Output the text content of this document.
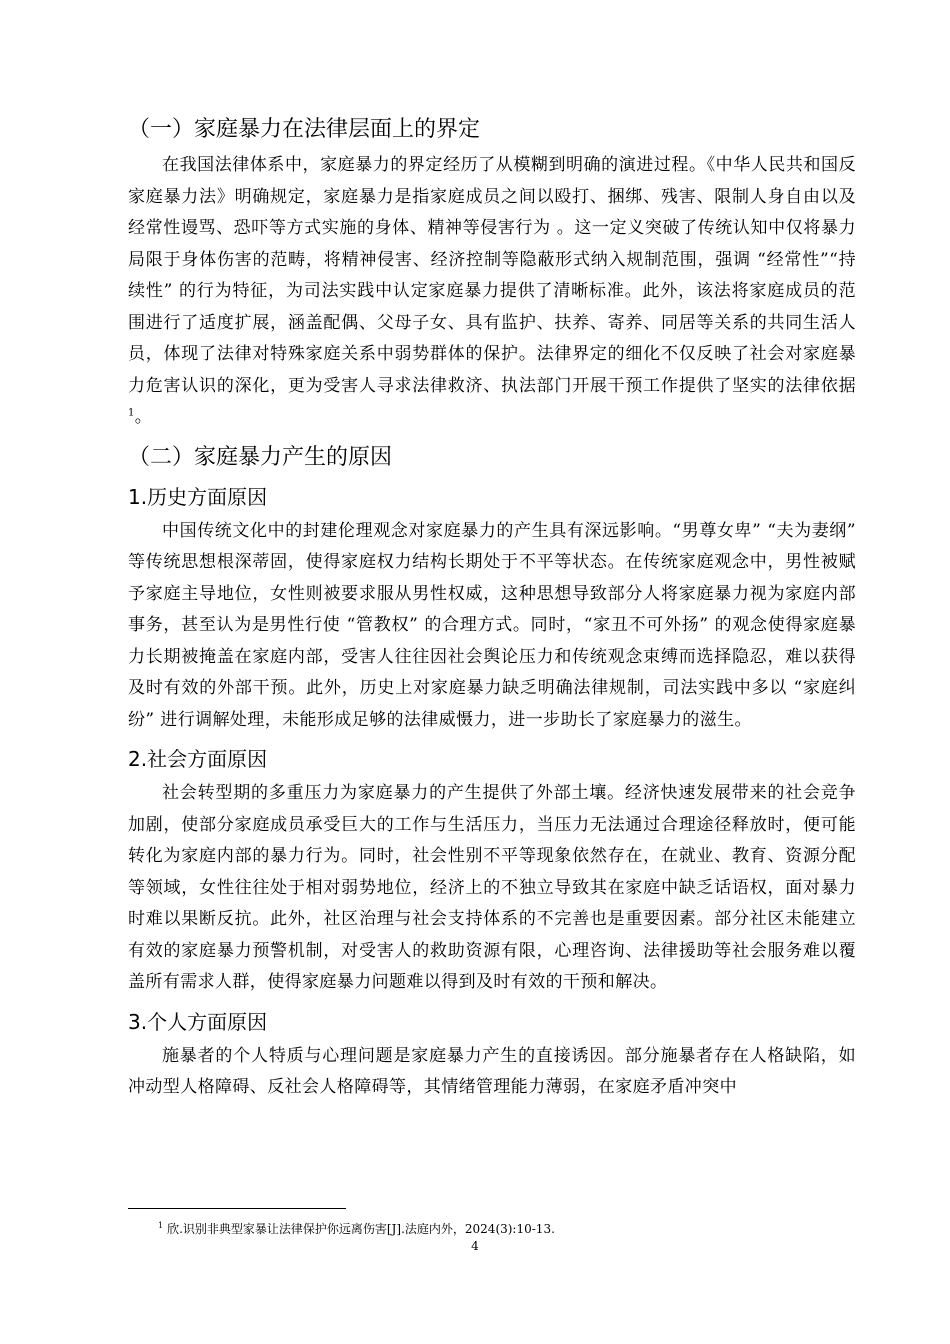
（一）家庭暴力在法律层面上的界定

在我国法律体系中，家庭暴力的界定经历了从模糊到明确的演进过程。《中华人民共和国反家庭暴力法》明确规定，家庭暴力是指家庭成员之间以殴打、捆绑、残害、限制人身自由以及经常性谩骂、恐吓等方式实施的身体、精神等侵害行为 。这一定义突破了传统认知中仅将暴力局限于身体伤害的范畴，将精神侵害、经济控制等隐蔽形式纳入规制范围，强调 “经常性”“持续性” 的行为特征，为司法实践中认定家庭暴力提供了清晰标准。此外，该法将家庭成员的范围进行了适度扩展，涵盖配偶、父母子女、具有监护、扶养、寄养、同居等关系的共同生活人员，体现了法律对特殊家庭关系中弱势群体的保护。法律界定的细化不仅反映了社会对家庭暴力危害认识的深化，更为受害人寻求法律救济、执法部门开展干预工作提供了坚实的法律依据$^1$。

（二）家庭暴力产生的原因
1.历史方面原因

中国传统文化中的封建伦理观念对家庭暴力的产生具有深远影响。“男尊女卑” “夫为妻纲” 等传统思想根深蒂固，使得家庭权力结构长期处于不平等状态。在传统家庭观念中，男性被赋予家庭主导地位，女性则被要求服从男性权威，这种思想导致部分人将家庭暴力视为家庭内部事务，甚至认为是男性行使 “管教权” 的合理方式。同时，“家丑不可外扬” 的观念使得家庭暴力长期被掩盖在家庭内部，受害人往往因社会舆论压力和传统观念束缚而选择隐忍，难以获得及时有效的外部干预。此外，历史上对家庭暴力缺乏明确法律规制，司法实践中多以 “家庭纠纷” 进行调解处理，未能形成足够的法律威慑力，进一步助长了家庭暴力的滋生。

2.社会方面原因

社会转型期的多重压力为家庭暴力的产生提供了外部土壤。经济快速发展带来的社会竞争加剧，使部分家庭成员承受巨大的工作与生活压力，当压力无法通过合理途径释放时，便可能转化为家庭内部的暴力行为。同时，社会性别不平等现象依然存在，在就业、教育、资源分配等领域，女性往往处于相对弱势地位，经济上的不独立导致其在家庭中缺乏话语权，面对暴力时难以果断反抗。此外，社区治理与社会支持体系的不完善也是重要因素。部分社区未能建立有效的家庭暴力预警机制，对受害人的救助资源有限，心理咨询、法律援助等社会服务难以覆盖所有需求人群，使得家庭暴力问题难以得到及时有效的干预和解决。

3.个人方面原因

施暴者的个人特质与心理问题是家庭暴力产生的直接诱因。部分施暴者存在人格缺陷，如冲动型人格障碍、反社会人格障碍等，其情绪管理能力薄弱，在家庭矛盾冲突中

$^1$ 欣.识别非典型家暴让法律保护你远离伤害[J].法庭内外，2024(3):10-13.
4
